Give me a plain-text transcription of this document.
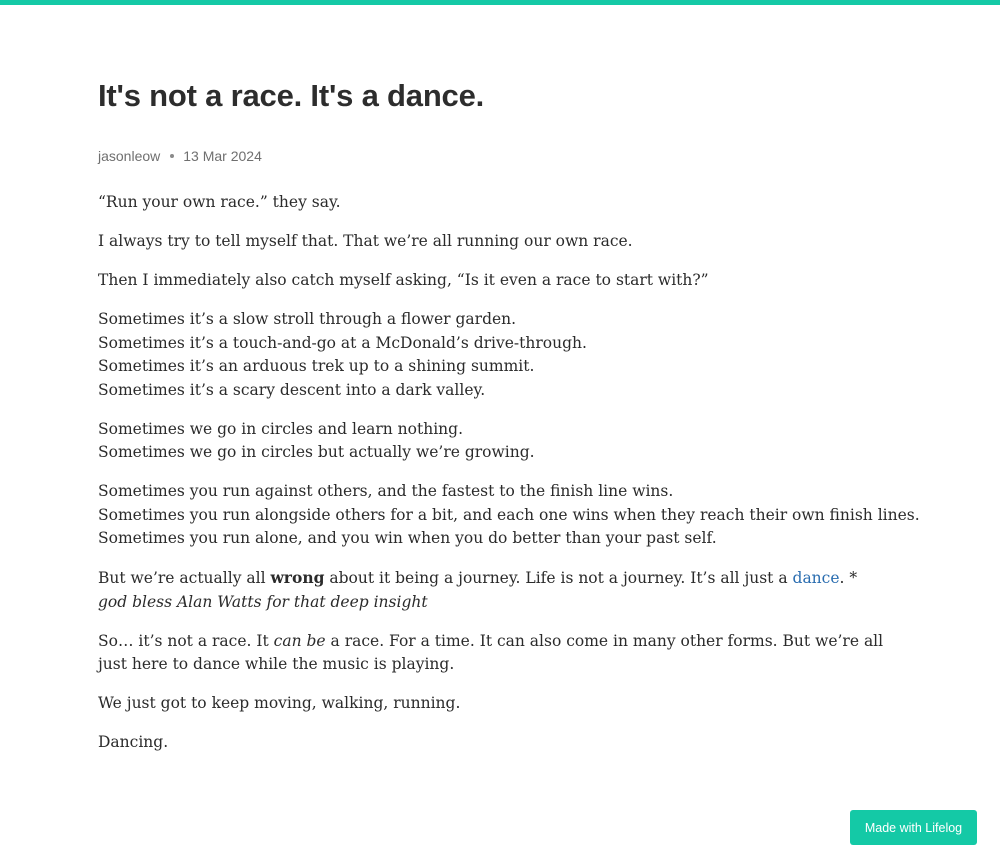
It's not a race. It's a dance.
jasonleow 13 Mar 2024

“Run your own race.” they say.

I always try to tell myself that. That we’re all running our own race.

Then I immediately also catch myself asking, “Is it even a race to start with?”

Sometimes it’s a slow stroll through a flower garden.
Sometimes it’s a touch-and-go at a McDonald’s drive-through.
Sometimes it’s an arduous trek up to a shining summit.
Sometimes it’s a scary descent into a dark valley.

Sometimes we go in circles and learn nothing.
Sometimes we go in circles but actually we’re growing.

Sometimes you run against others, and the fastest to the finish line wins.
Sometimes you run alongside others for a bit, and each one wins when they reach their own finish lines.
Sometimes you run alone, and you win when you do better than your past self.

But we’re actually all wrong about it being a journey. Life is not a journey. It’s all just a dance. * god bless Alan Watts for that deep insight

So… it’s not a race. It can be a race. For a time. It can also come in many other forms. But we’re all just here to dance while the music is playing.

We just got to keep moving, walking, running.

Dancing.

Made with Lifelog
